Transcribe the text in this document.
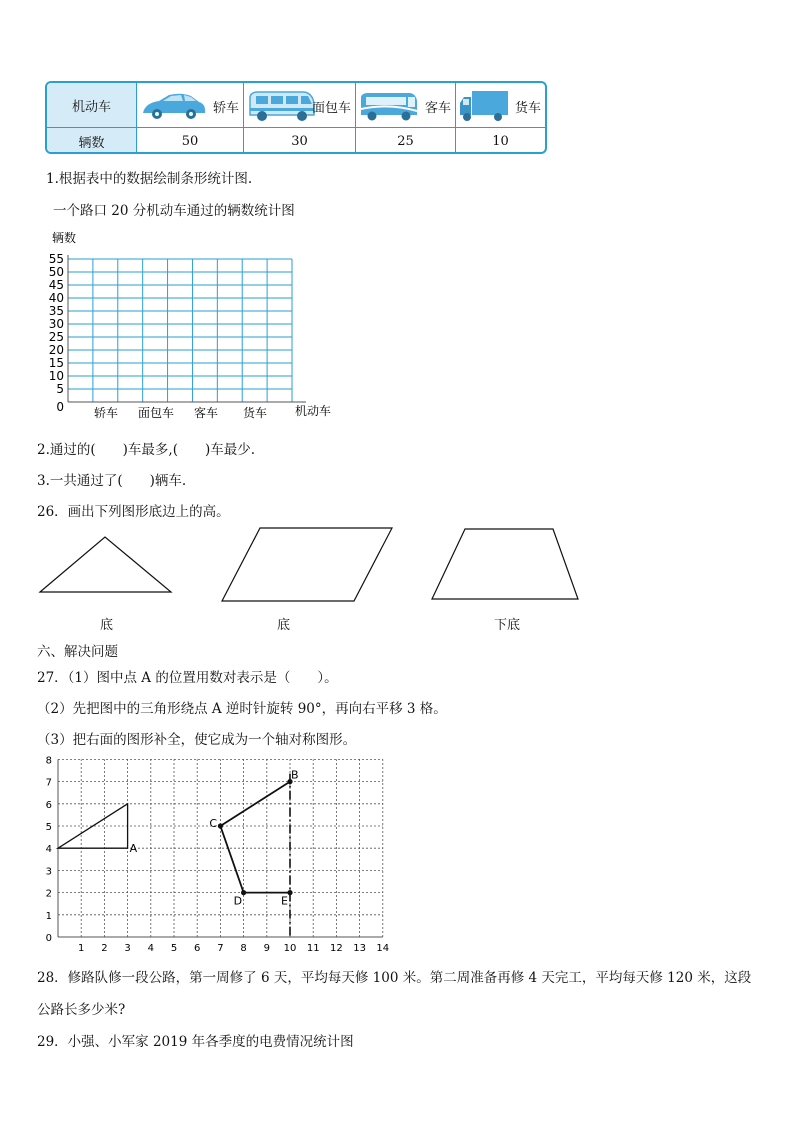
机动车	轿车	面包车	客车	货车
辆数	50	30	25	10
1.根据表中的数据绘制条形统计图.
一个路口 20 分机动车通过的辆数统计图
辆数
0
5
10
15
20
25
30
35
40
45
50
55
轿车 面包车 客车 货车 机动车
2.通过的(　　)车最多,(　　)车最少.
3.一共通过了(　　)辆车.
26．画出下列图形底边上的高。
底	底	下底
六、解决问题
27．（1）图中点 A 的位置用数对表示是（　　）。
（2）先把图中的三角形绕点 A 逆时针旋转 90°，再向右平移 3 格。
（3）把右面的图形补全，使它成为一个轴对称图形。
1 2 3 4 5 6 7 8 9 10 11 12 13 14
0
1
2
3
4
5
6
7
8
A
B
C
D	E
28．修路队修一段公路，第一周修了 6 天，平均每天修 100 米。第二周准备再修 4 天完工，平均每天修 120 米，这段
公路长多少米?
29．小强、小军家 2019 年各季度的电费情况统计图
